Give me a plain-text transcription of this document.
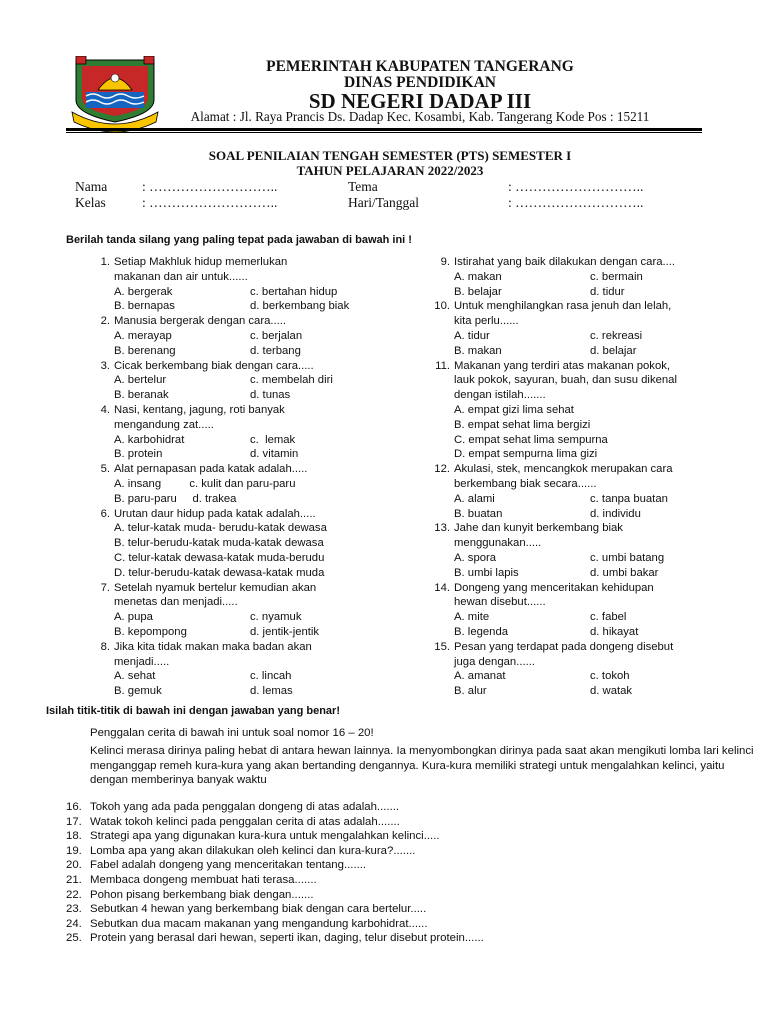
PEMERINTAH KABUPATEN TANGERANG
DINAS PENDIDIKAN
SD NEGERI DADAP III
Alamat : Jl. Raya Prancis Ds. Dadap Kec. Kosambi, Kab. Tangerang Kode Pos : 15211
SOAL PENILAIAN TENGAH SEMESTER (PTS) SEMESTER I
TAHUN PELAJARAN 2022/2023
Nama	: ………………………..
Kelas	: ………………………..
Tema	: ………………………..
Hari/Tanggal	: ………………………..
Berilah tanda silang yang paling tepat pada jawaban di bawah ini !
1. Setiap Makhluk hidup memerlukan
makanan dan air untuk......
A. bergerak	c. bertahan hidup
B. bernapas	d. berkembang biak
2. Manusia bergerak dengan cara.....
A. merayap	c. berjalan
B. berenang	d. terbang
3. Cicak berkembang biak dengan cara.....
A. bertelur	c. membelah diri
B. beranak	d. tunas
4. Nasi, kentang, jagung, roti banyak
mengandung zat.....
A. karbohidrat	c.  lemak
B. protein	d. vitamin
5. Alat pernapasan pada katak adalah.....
A. insang         c. kulit dan paru-paru
B. paru-paru     d. trakea
6. Urutan daur hidup pada katak adalah.....
A. telur-katak muda- berudu-katak dewasa
B. telur-berudu-katak muda-katak dewasa
C. telur-katak dewasa-katak muda-berudu
D. telur-berudu-katak dewasa-katak muda
7. Setelah nyamuk bertelur kemudian akan
menetas dan menjadi.....
A. pupa	c. nyamuk
B. kepompong	d. jentik-jentik
8. Jika kita tidak makan maka badan akan
menjadi.....
A. sehat	c. lincah
B. gemuk	d. lemas
9. Istirahat yang baik dilakukan dengan cara....
A. makan	c. bermain
B. belajar	d. tidur
10. Untuk menghilangkan rasa jenuh dan lelah,
kita perlu......
A. tidur	c. rekreasi
B. makan	d. belajar
11. Makanan yang terdiri atas makanan pokok,
lauk pokok, sayuran, buah, dan susu dikenal
dengan istilah.......
A. empat gizi lima sehat
B. empat sehat lima bergizi
C. empat sehat lima sempurna
D. empat sempurna lima gizi
12. Akulasi, stek, mencangkok merupakan cara
berkembang biak secara......
A. alami	c. tanpa buatan
B. buatan	d. individu
13. Jahe dan kunyit berkembang biak
menggunakan.....
A. spora	c. umbi batang
B. umbi lapis	d. umbi bakar
14. Dongeng yang menceritakan kehidupan
hewan disebut......
A. mite	c. fabel
B. legenda	d. hikayat
15. Pesan yang terdapat pada dongeng disebut
juga dengan......
A. amanat	c. tokoh
B. alur	d. watak
Isilah titik-titik di bawah ini dengan jawaban yang benar!
Penggalan cerita di bawah ini untuk soal nomor 16 – 20!
Kelinci merasa dirinya paling hebat di antara hewan lainnya. Ia menyombongkan dirinya pada saat akan mengikuti lomba lari kelinci menganggap remeh kura-kura yang akan bertanding dengannya. Kura-kura memiliki strategi untuk mengalahkan kelinci, yaitu dengan memberinya banyak waktu
16. Tokoh yang ada pada penggalan dongeng di atas adalah.......
17. Watak tokoh kelinci pada penggalan cerita di atas adalah.......
18. Strategi apa yang digunakan kura-kura untuk mengalahkan kelinci.....
19. Lomba apa yang akan dilakukan oleh kelinci dan kura-kura?.......
20. Fabel adalah dongeng yang menceritakan tentang.......
21. Membaca dongeng membuat hati terasa.......
22. Pohon pisang berkembang biak dengan.......
23. Sebutkan 4 hewan yang berkembang biak dengan cara bertelur.....
24. Sebutkan dua macam makanan yang mengandung karbohidrat......
25. Protein yang berasal dari hewan, seperti ikan, daging, telur disebut protein......
